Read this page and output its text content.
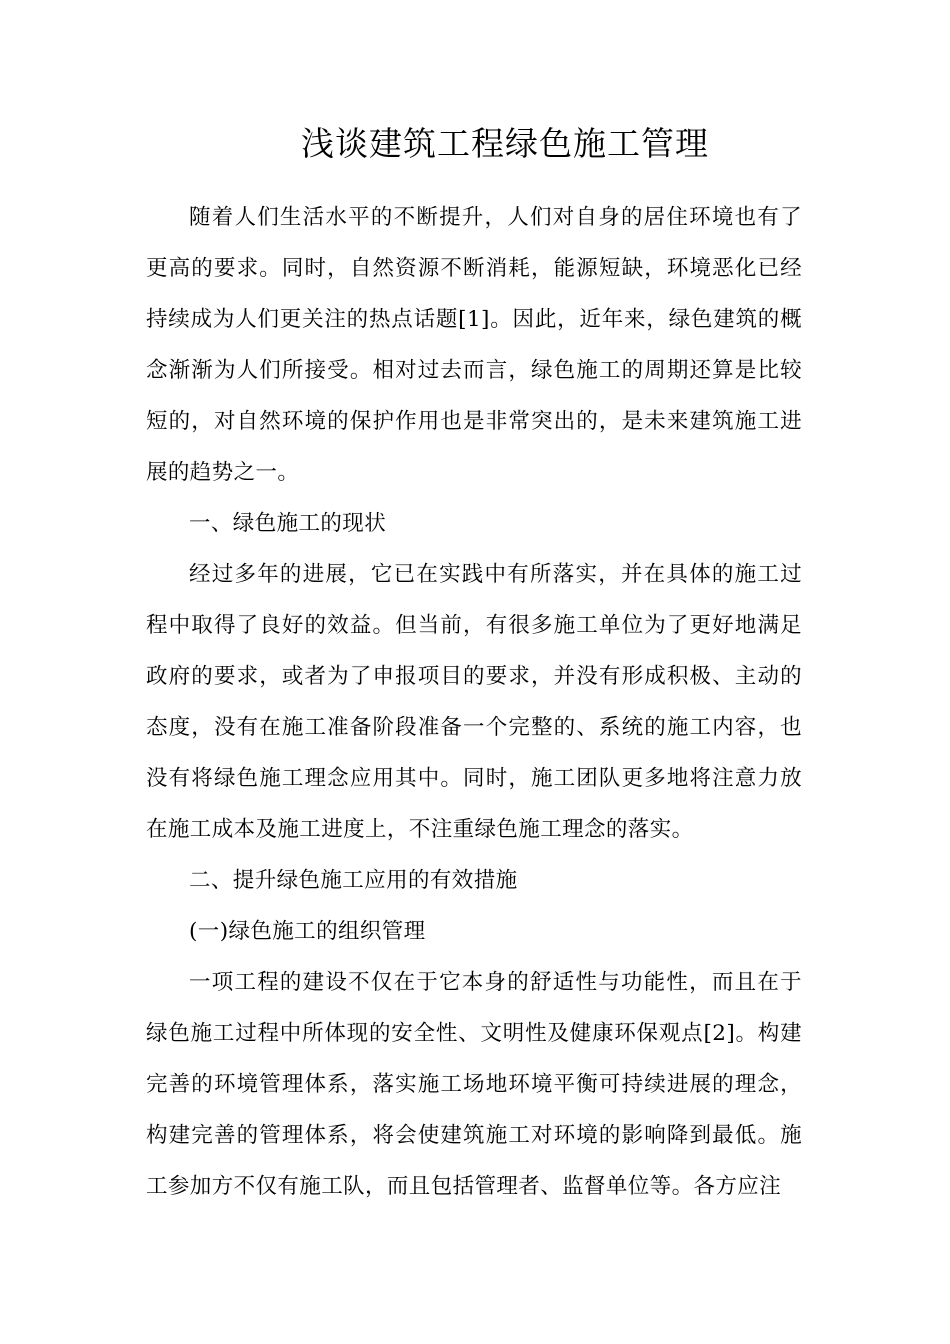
浅谈建筑工程绿色施工管理

随着人们生活水平的不断提升，人们对自身的居住环境也有了更高的要求。同时，自然资源不断消耗，能源短缺，环境恶化已经持续成为人们更关注的热点话题[1]。因此，近年来，绿色建筑的概念渐渐为人们所接受。相对过去而言，绿色施工的周期还算是比较短的，对自然环境的保护作用也是非常突出的，是未来建筑施工进展的趋势之一。

一、绿色施工的现状

经过多年的进展，它已在实践中有所落实，并在具体的施工过程中取得了良好的效益。但当前，有很多施工单位为了更好地满足政府的要求，或者为了申报项目的要求，并没有形成积极、主动的态度，没有在施工准备阶段准备一个完整的、系统的施工内容，也没有将绿色施工理念应用其中。同时，施工团队更多地将注意力放在施工成本及施工进度上，不注重绿色施工理念的落实。

二、提升绿色施工应用的有效措施

(一)绿色施工的组织管理

一项工程的建设不仅在于它本身的舒适性与功能性，而且在于绿色施工过程中所体现的安全性、文明性及健康环保观点[2]。构建完善的环境管理体系，落实施工场地环境平衡可持续进展的理念，构建完善的管理体系，将会使建筑施工对环境的影响降到最低。施工参加方不仅有施工队，而且包括管理者、监督单位等。各方应注
